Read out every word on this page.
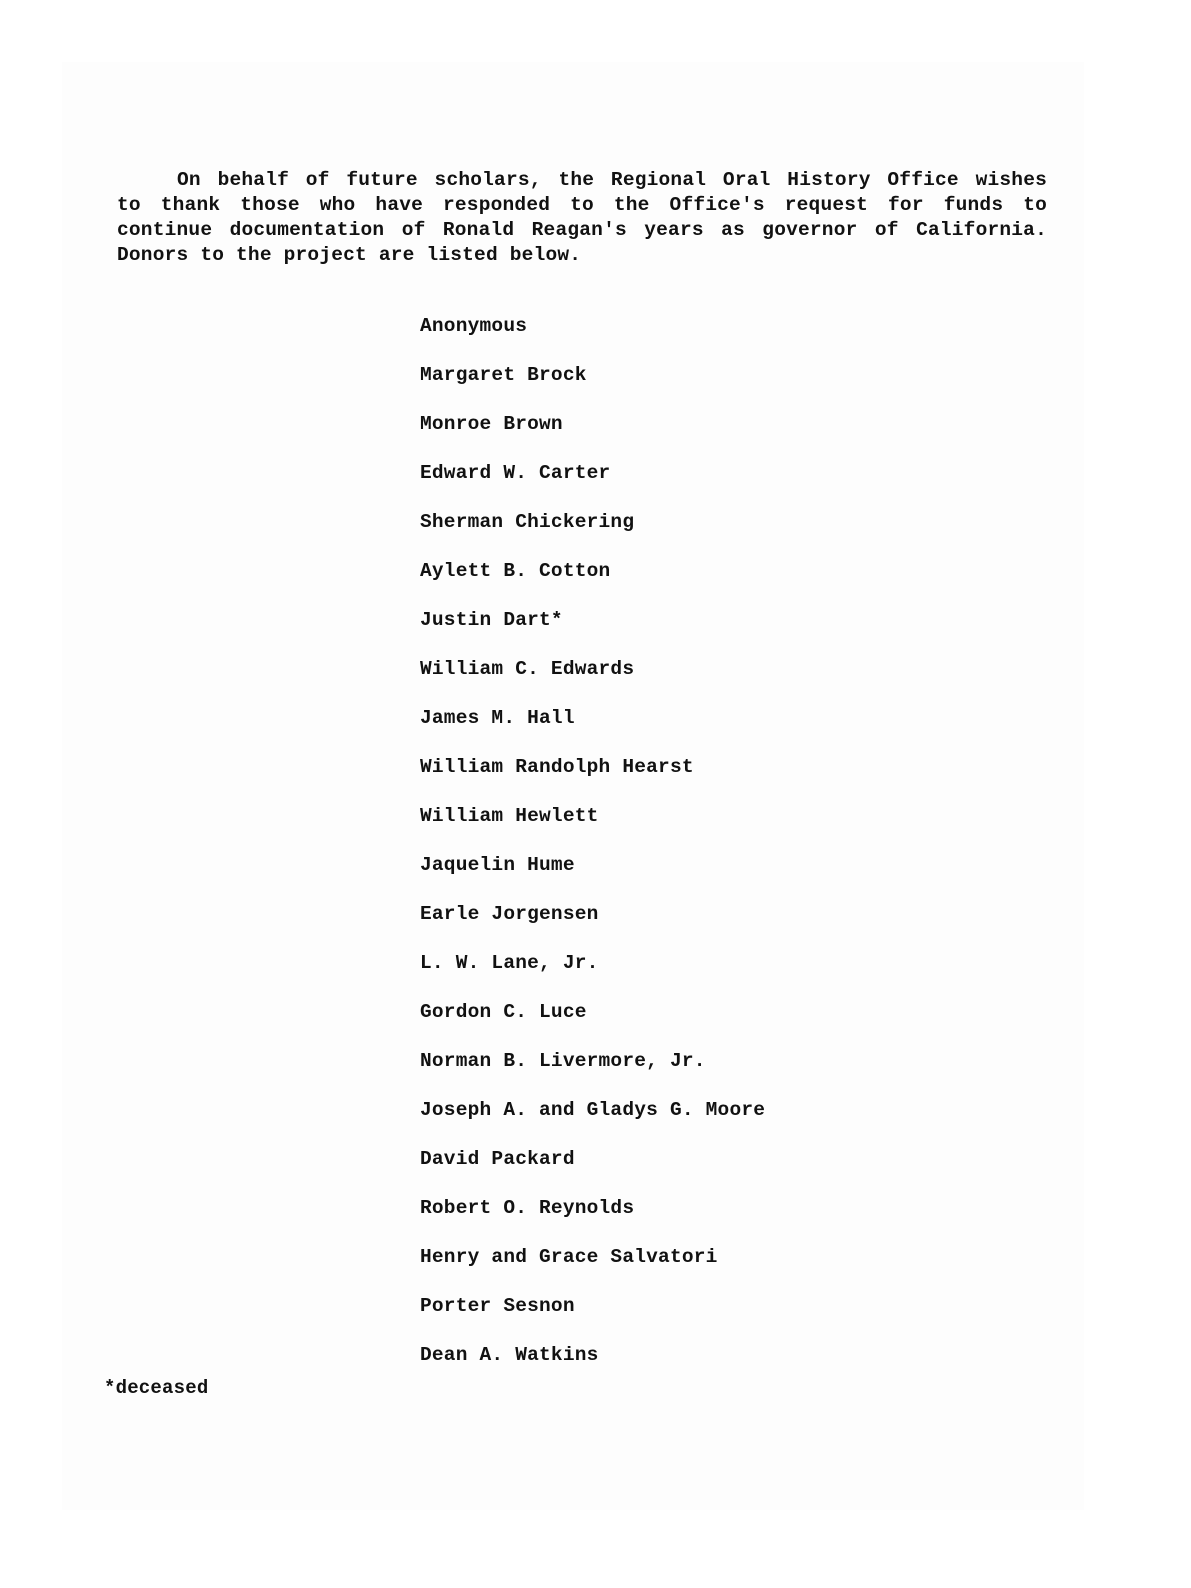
On behalf of future scholars, the Regional Oral History Office wishes
to thank those who have responded to the Office's request for funds to
continue documentation of Ronald Reagan's years as governor of California.
Donors to the project are listed below.
Anonymous
Margaret Brock
Monroe Brown
Edward W. Carter
Sherman Chickering
Aylett B. Cotton
Justin Dart*
William C. Edwards
James M. Hall
William Randolph Hearst
William Hewlett
Jaquelin Hume
Earle Jorgensen
L. W. Lane, Jr.
Gordon C. Luce
Norman B. Livermore, Jr.
Joseph A. and Gladys G. Moore
David Packard
Robert O. Reynolds
Henry and Grace Salvatori
Porter Sesnon
Dean A. Watkins

*deceased
